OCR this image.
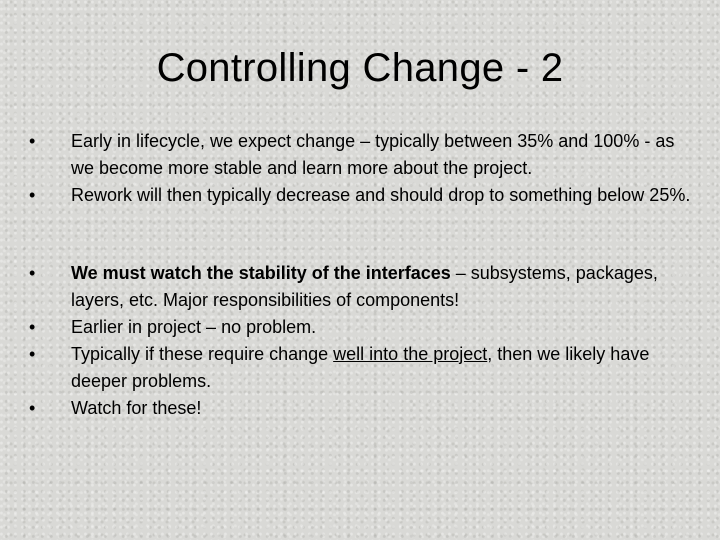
Controlling Change - 2
• Early in lifecycle, we expect change – typically between 35% and 100% - as we become more stable and learn more about the project.
• Rework will then typically decrease and should drop to something below 25%.
• We must watch the stability of the interfaces – subsystems, packages, layers, etc. Major responsibilities of components!
• Earlier in project – no problem.
• Typically if these require change well into the project, then we likely have deeper problems.
• Watch for these!
